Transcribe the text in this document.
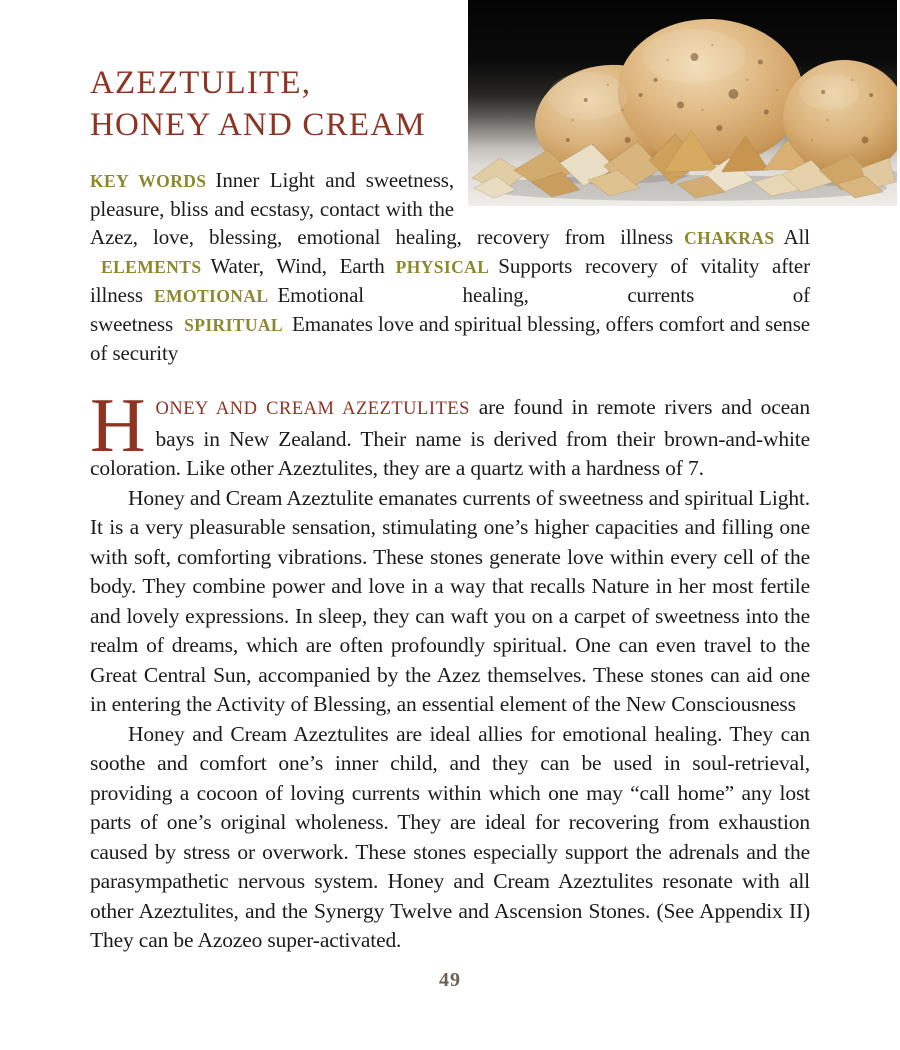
AZEZTULITE,
HONEY AND CREAM

KEY WORDS Inner Light and sweetness, pleasure, bliss and ecstasy, contact with the Azez, love, blessing, emotional healing, recovery from illness CHAKRAS All ELEMENTS Water, Wind, Earth PHYSICAL Supports recovery of vitality after illness EMOTIONAL Emotional healing, currents of sweetness SPIRITUAL Emanates love and spiritual blessing, offers comfort and sense of security

HONEY AND CREAM AZEZTULITES are found in remote rivers and ocean bays in New Zealand. Their name is derived from their brown-and-white coloration. Like other Azeztulites, they are a quartz with a hardness of 7.

Honey and Cream Azeztulite emanates currents of sweetness and spiritual Light. It is a very pleasurable sensation, stimulating one’s higher capacities and filling one with soft, comforting vibrations. These stones generate love within every cell of the body. They combine power and love in a way that recalls Nature in her most fertile and lovely expressions. In sleep, they can waft you on a carpet of sweetness into the realm of dreams, which are often profoundly spiritual. One can even travel to the Great Central Sun, accompanied by the Azez themselves. These stones can aid one in entering the Activity of Blessing, an essential element of the New Consciousness

Honey and Cream Azeztulites are ideal allies for emotional healing. They can soothe and comfort one’s inner child, and they can be used in soul-retrieval, providing a cocoon of loving currents within which one may “call home” any lost parts of one’s original wholeness. They are ideal for recovering from exhaustion caused by stress or overwork. These stones especially support the adrenals and the parasympathetic nervous system. Honey and Cream Azeztulites resonate with all other Azeztulites, and the Synergy Twelve and Ascension Stones. (See Appendix II) They can be Azozeo super-activated.

49
